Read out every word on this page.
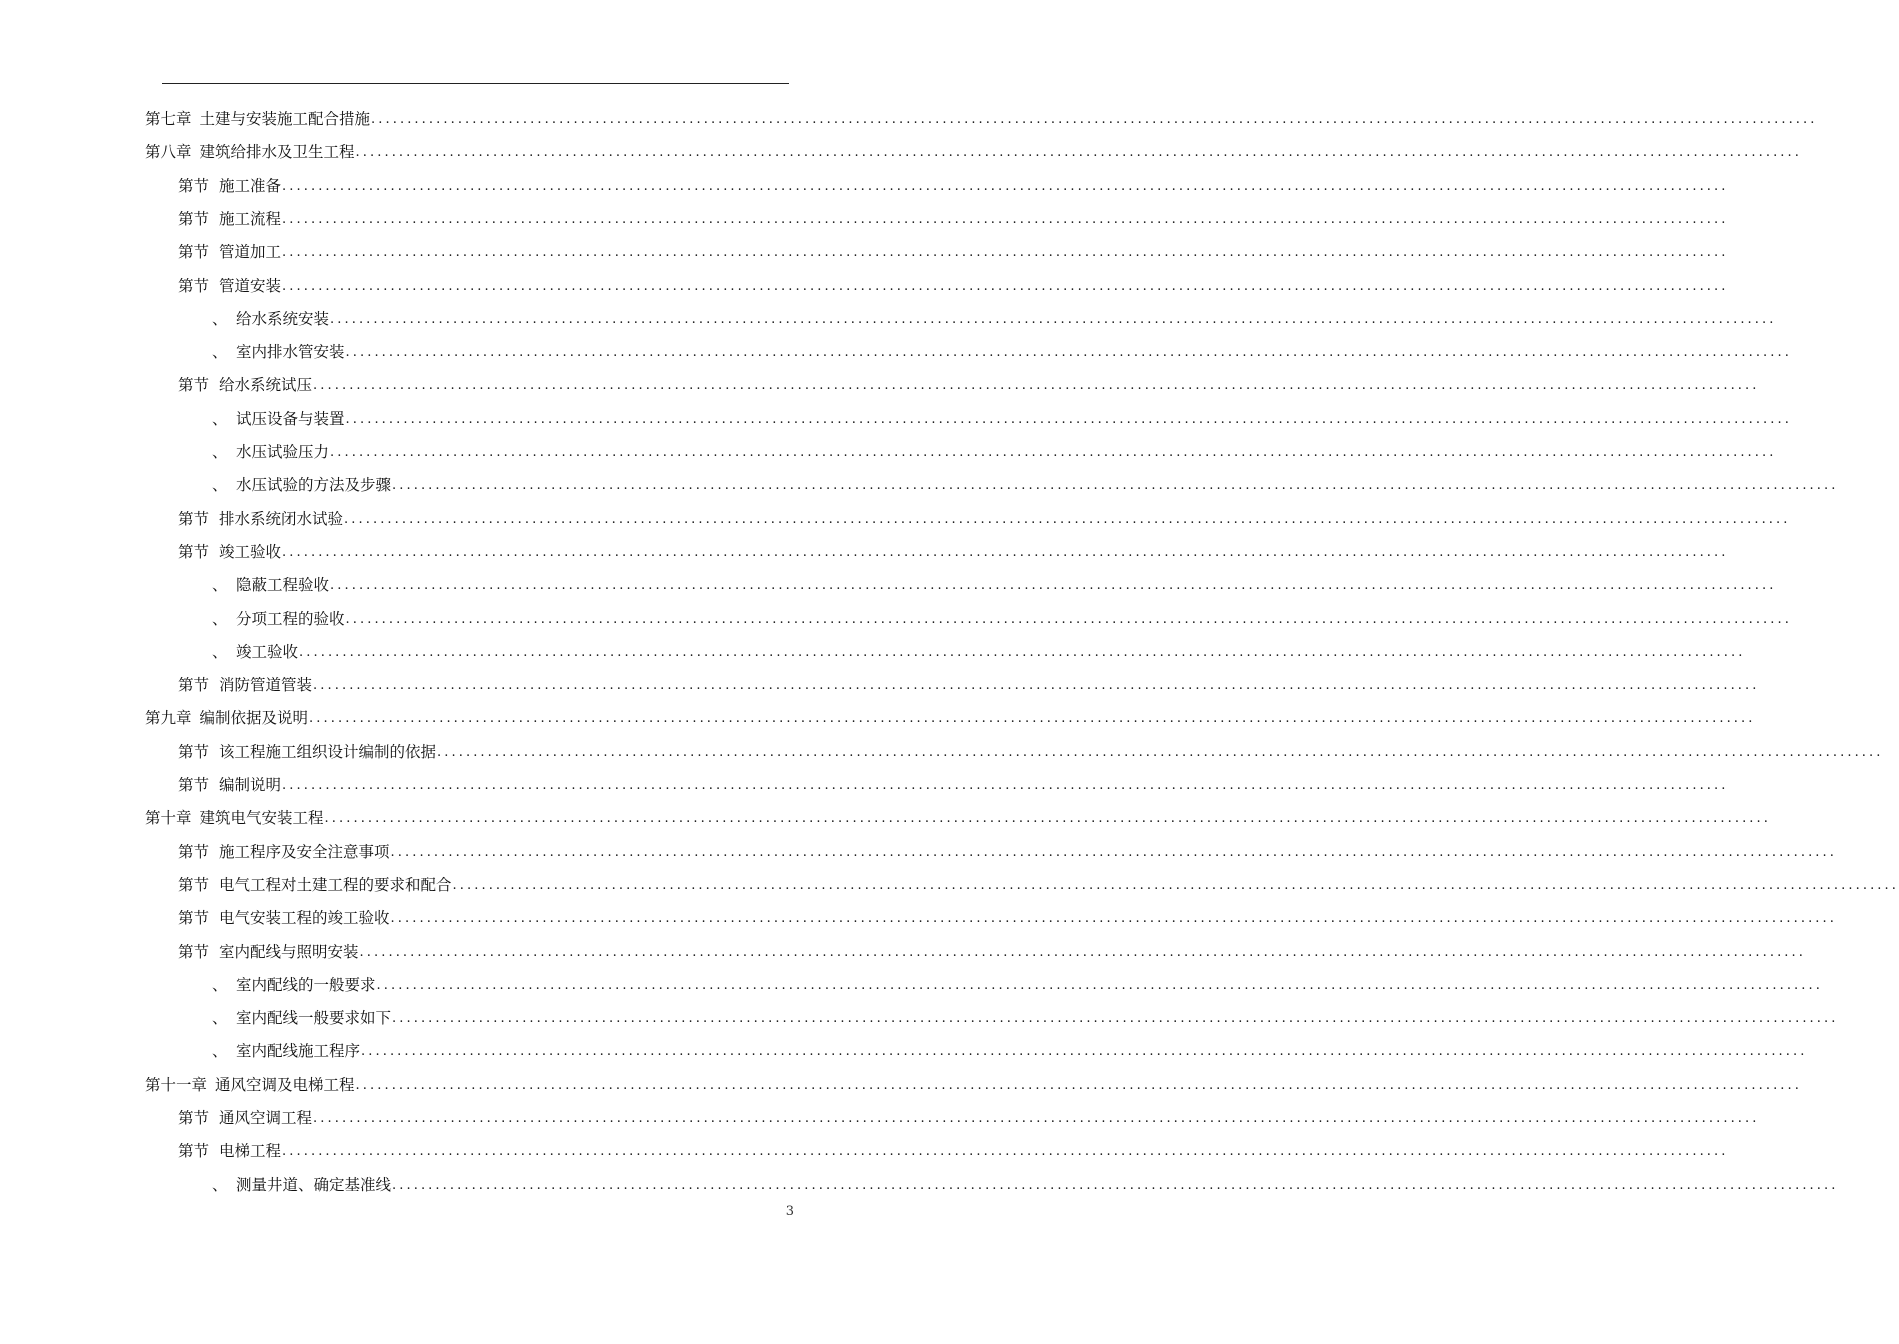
第七章 土建与安装施工配合措施 ........................................................................................................................................................................................................
第八章 建筑给排水及卫生工程 ........................................................................................................................................................................................................
第节 施工准备 ........................................................................................................................................................................................................
第节 施工流程 ........................................................................................................................................................................................................
第节 管道加工 ........................................................................................................................................................................................................
第节 管道安装 ........................................................................................................................................................................................................
、 给水系统安装 ........................................................................................................................................................................................................
、 室内排水管安装 ........................................................................................................................................................................................................
第节 给水系统试压 ........................................................................................................................................................................................................
、 试压设备与装置 ........................................................................................................................................................................................................
、 水压试验压力 ........................................................................................................................................................................................................
、 水压试验的方法及步骤 ........................................................................................................................................................................................................
第节 排水系统闭水试验 ........................................................................................................................................................................................................
第节 竣工验收 ........................................................................................................................................................................................................
、 隐蔽工程验收 ........................................................................................................................................................................................................
、 分项工程的验收 ........................................................................................................................................................................................................
、 竣工验收 ........................................................................................................................................................................................................
第节 消防管道管装 ........................................................................................................................................................................................................
第九章 编制依据及说明 ........................................................................................................................................................................................................
第节 该工程施工组织设计编制的依据 ........................................................................................................................................................................................................
第节 编制说明 ........................................................................................................................................................................................................
第十章 建筑电气安装工程 ........................................................................................................................................................................................................
第节 施工程序及安全注意事项 ........................................................................................................................................................................................................
第节 电气工程对土建工程的要求和配合 ........................................................................................................................................................................................................
第节 电气安装工程的竣工验收 ........................................................................................................................................................................................................
第节 室内配线与照明安装 ........................................................................................................................................................................................................
、 室内配线的一般要求 ........................................................................................................................................................................................................
、 室内配线一般要求如下 ........................................................................................................................................................................................................
、 室内配线施工程序 ........................................................................................................................................................................................................
第十一章 通风空调及电梯工程 ........................................................................................................................................................................................................
第节 通风空调工程 ........................................................................................................................................................................................................
第节 电梯工程 ........................................................................................................................................................................................................
、 测量井道、确定基准线 ........................................................................................................................................................................................................
3
